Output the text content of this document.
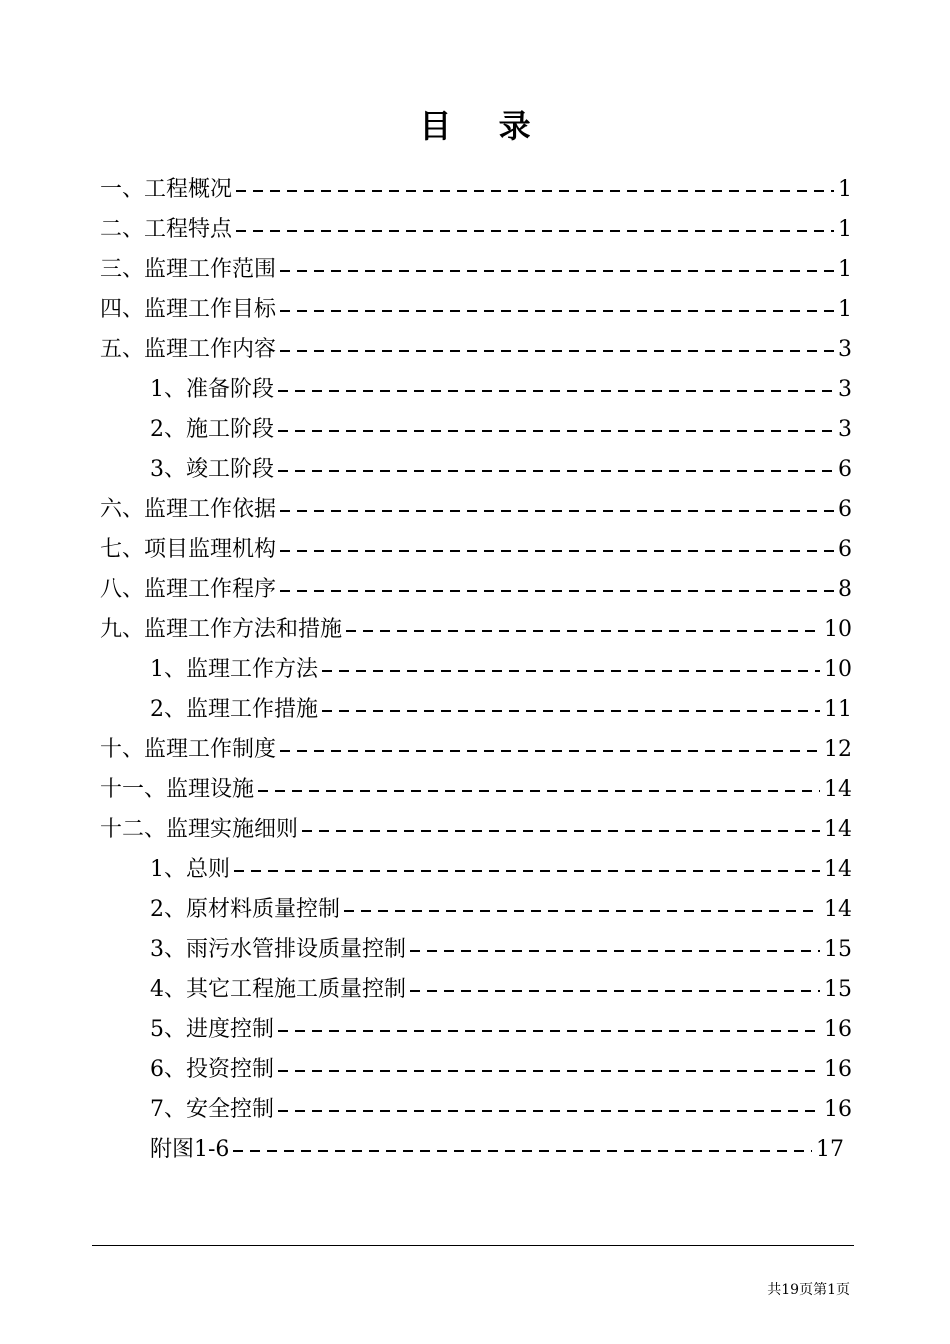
目 录
一、工程概况	1
二、工程特点	1
三、监理工作范围	1
四、监理工作目标	1
五、监理工作内容	3
1、准备阶段	3
2、施工阶段	3
3、竣工阶段	6
六、监理工作依据	6
七、项目监理机构	6
八、监理工作程序	8
九、监理工作方法和措施	10
1、监理工作方法	10
2、监理工作措施	11
十、监理工作制度	12
十一、监理设施	14
十二、监理实施细则	14
1、总则	14
2、原材料质量控制	14
3、雨污水管排设质量控制	15
4、其它工程施工质量控制	15
5、进度控制	16
6、投资控制	16
7、安全控制	16
附图1-6	17
共19页第1页
